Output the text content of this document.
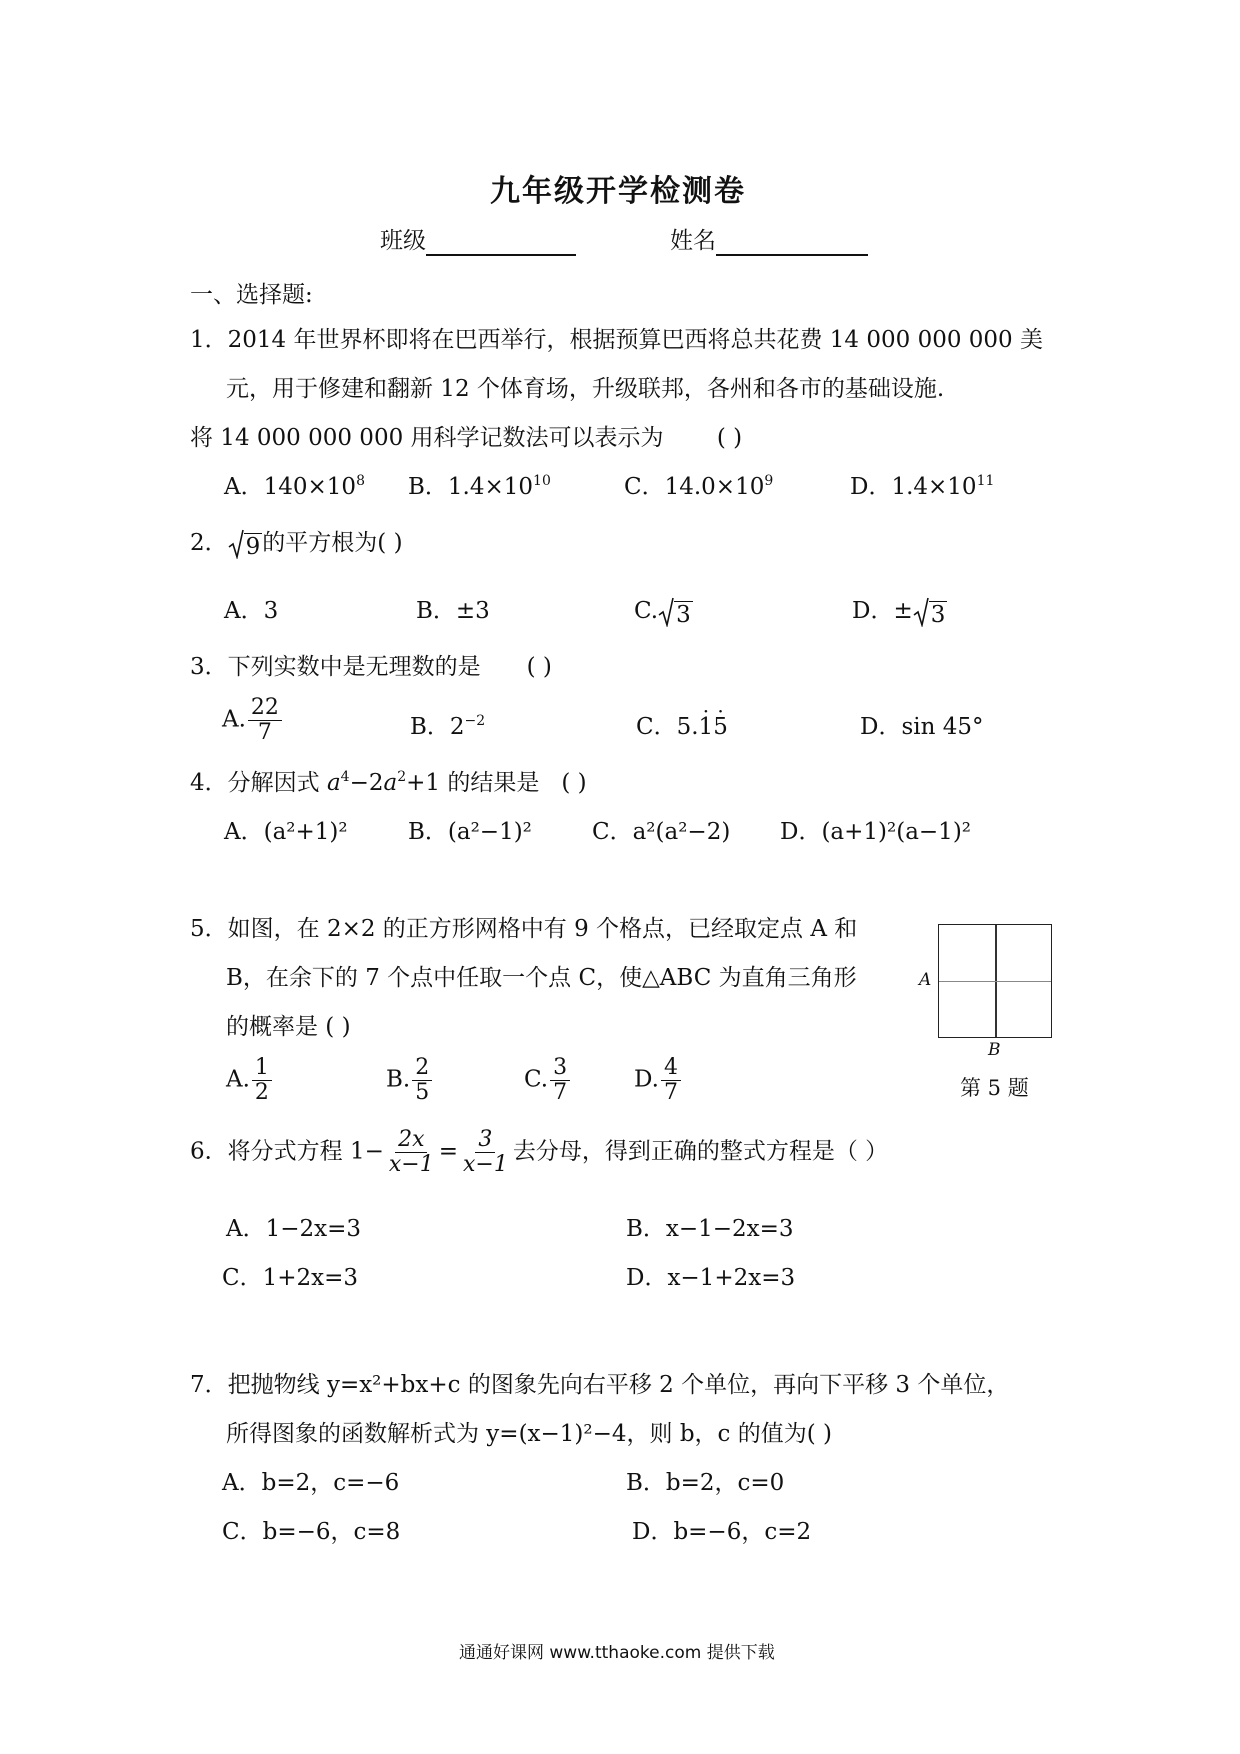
九年级开学检测卷
班级	姓名
一、选择题:
1．2014 年世界杯即将在巴西举行，根据预算巴西将总共花费 14 000 000 000 美
元，用于修建和翻新 12 个体育场，升级联邦，各州和各市的基础设施.
将 14 000 000 000 用科学记数法可以表示为 ( )
A．$140\times 10^8$ B．$1.4\times 10^{10}$	C．$14.0\times 10^9$	D．$1.4\times 10^{11}$
2． 9 的平方根为( )
A．3	B．±3	C. 3	D．± 3
3．下列实数中是无理数的是 ( )
A. $\frac{22}{7}$	B．$2^{-2}$	C．5.· 1· 5	D．sin 45°
4．分解因式 $a^4-2a^2+1$ 的结果是 ( )
A．(a²+1)²	B．(a²−1)²	C．a²(a²−2) D．(a+1)²(a−1)²
5．如图，在 2×2 的正方形网格中有 9 个格点，已经取定点 A 和
B，在余下的 7 个点中任取一个点 C，使△ABC 为直角三角形
的概率是 ( )
A. $\frac{1}{2}$	B. $\frac{2}{5}$	C. $\frac{3}{7}$	D. $\frac{4}{7}$
A
B
第 5 题
6．将分式方程 $1- \frac{2x}{x-1} = \frac{3}{x-1}$ 去分母，得到正确的整式方程是（ ）
A．1−2x=3	B．x−1−2x=3
C．1+2x=3	D．x−1+2x=3
7．把抛物线 y=x²+bx+c 的图象先向右平移 2 个单位，再向下平移 3 个单位，
所得图象的函数解析式为 y=(x−1)²−4，则 b，c 的值为( )
A．b=2，c=−6	B．b=2，c=0
C．b=−6，c=8	D．b=−6，c=2
通通好课网 www.tthaoke.com 提供下载
